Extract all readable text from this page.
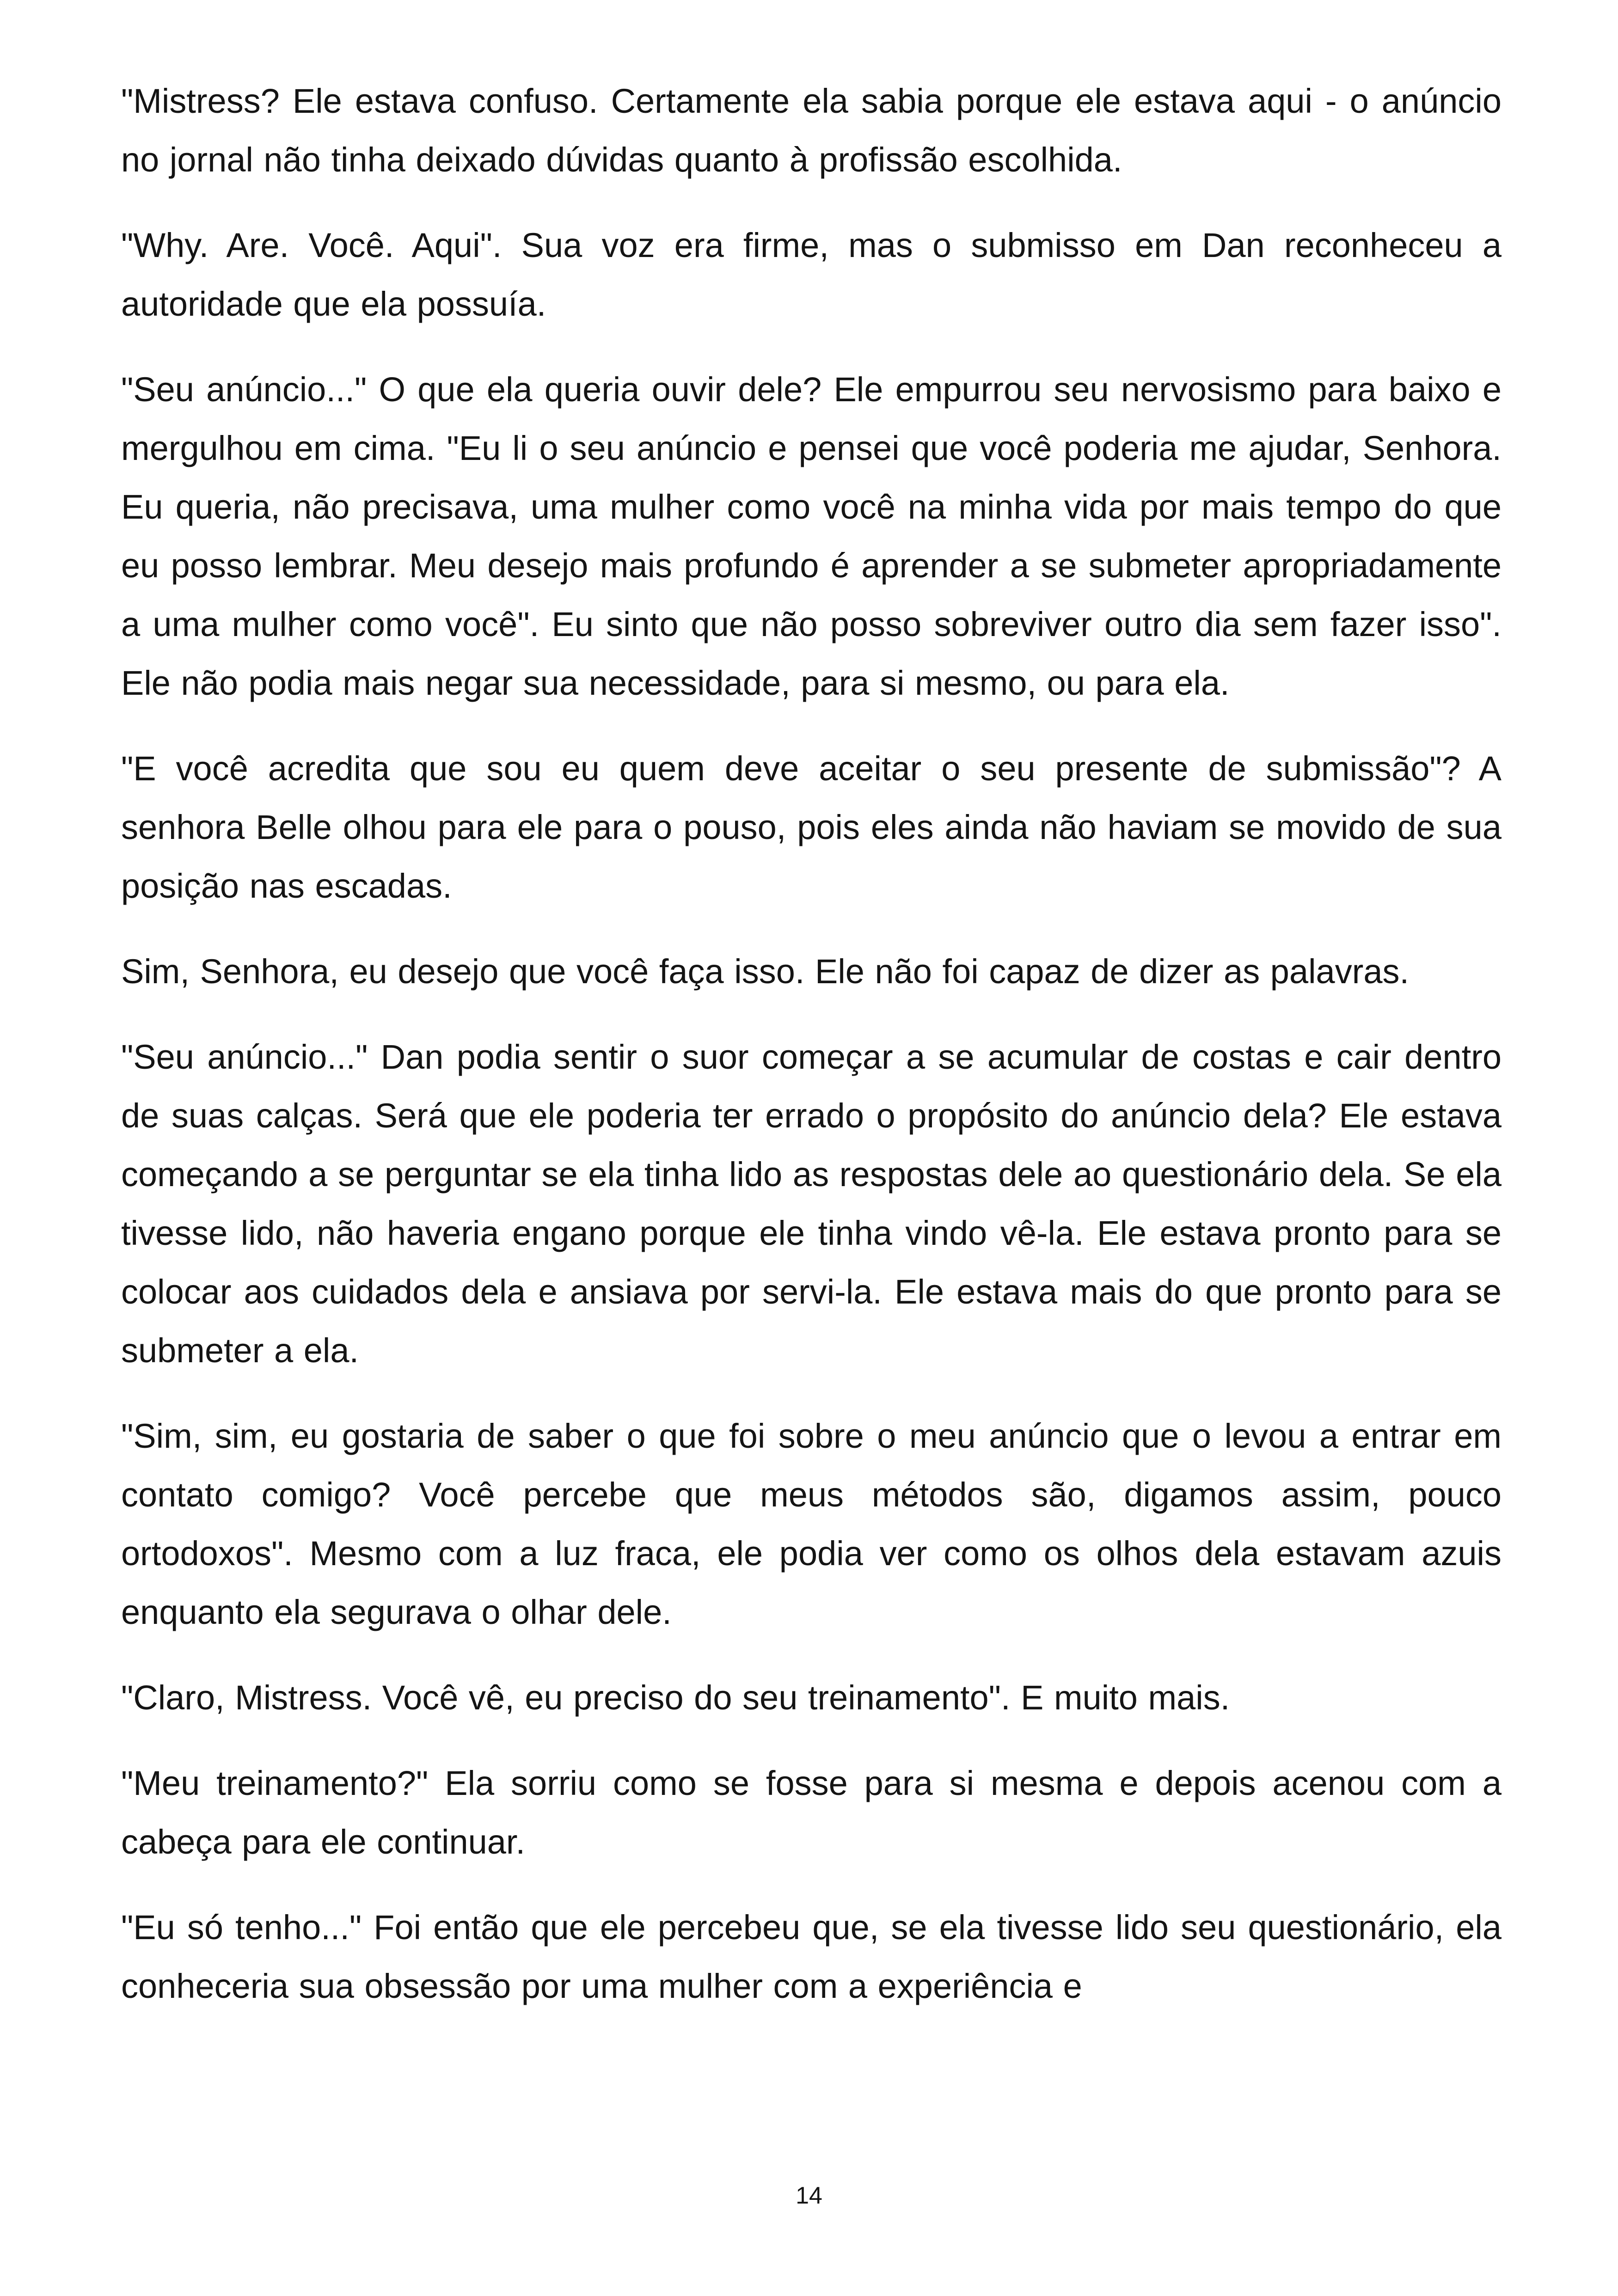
"Mistress? Ele estava confuso. Certamente ela sabia porque ele estava aqui - o anúncio no jornal não tinha deixado dúvidas quanto à profissão escolhida.

"Why. Are. Você. Aqui". Sua voz era firme, mas o submisso em Dan reconheceu a autoridade que ela possuía.

"Seu anúncio..." O que ela queria ouvir dele? Ele empurrou seu nervosismo para baixo e mergulhou em cima. "Eu li o seu anúncio e pensei que você poderia me ajudar, Senhora. Eu queria, não precisava, uma mulher como você na minha vida por mais tempo do que eu posso lembrar. Meu desejo mais profundo é aprender a se submeter apropriadamente a uma mulher como você". Eu sinto que não posso sobreviver outro dia sem fazer isso". Ele não podia mais negar sua necessidade, para si mesmo, ou para ela.

"E você acredita que sou eu quem deve aceitar o seu presente de submissão"? A senhora Belle olhou para ele para o pouso, pois eles ainda não haviam se movido de sua posição nas escadas.

Sim, Senhora, eu desejo que você faça isso. Ele não foi capaz de dizer as palavras.

"Seu anúncio..." Dan podia sentir o suor começar a se acumular de costas e cair dentro de suas calças. Será que ele poderia ter errado o propósito do anúncio dela? Ele estava começando a se perguntar se ela tinha lido as respostas dele ao questionário dela. Se ela tivesse lido, não haveria engano porque ele tinha vindo vê-la. Ele estava pronto para se colocar aos cuidados dela e ansiava por servi-la. Ele estava mais do que pronto para se submeter a ela.

"Sim, sim, eu gostaria de saber o que foi sobre o meu anúncio que o levou a entrar em contato comigo? Você percebe que meus métodos são, digamos assim, pouco ortodoxos". Mesmo com a luz fraca, ele podia ver como os olhos dela estavam azuis enquanto ela segurava o olhar dele.

"Claro, Mistress. Você vê, eu preciso do seu treinamento". E muito mais.

"Meu treinamento?" Ela sorriu como se fosse para si mesma e depois acenou com a cabeça para ele continuar.

"Eu só tenho..." Foi então que ele percebeu que, se ela tivesse lido seu questionário, ela conheceria sua obsessão por uma mulher com a experiência e

14
